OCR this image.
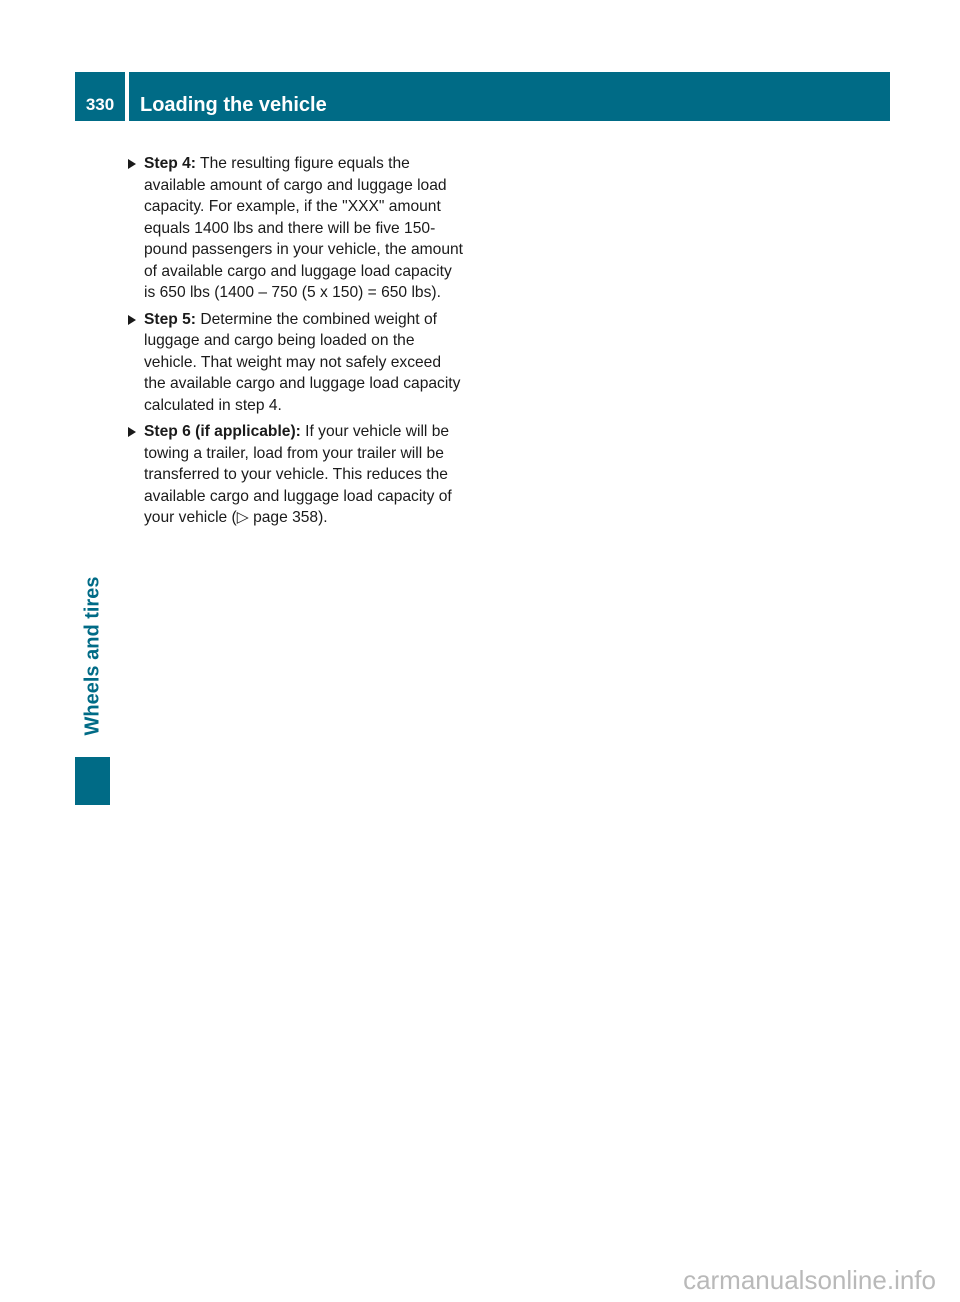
330	Loading the vehicle
Wheels and tires
Step 4: The resulting figure equals the available amount of cargo and luggage load capacity. For example, if the "XXX" amount equals 1400 lbs and there will be five 150-pound passengers in your vehicle, the amount of available cargo and luggage load capacity is 650 lbs (1400 – 750 (5 x 150) = 650 lbs).
Step 5: Determine the combined weight of luggage and cargo being loaded on the vehicle. That weight may not safely exceed the available cargo and luggage load capacity calculated in step 4.
Step 6 (if applicable): If your vehicle will be towing a trailer, load from your trailer will be transferred to your vehicle. This reduces the available cargo and luggage load capacity of your vehicle (▷ page 358).
carmanualsonline.info
